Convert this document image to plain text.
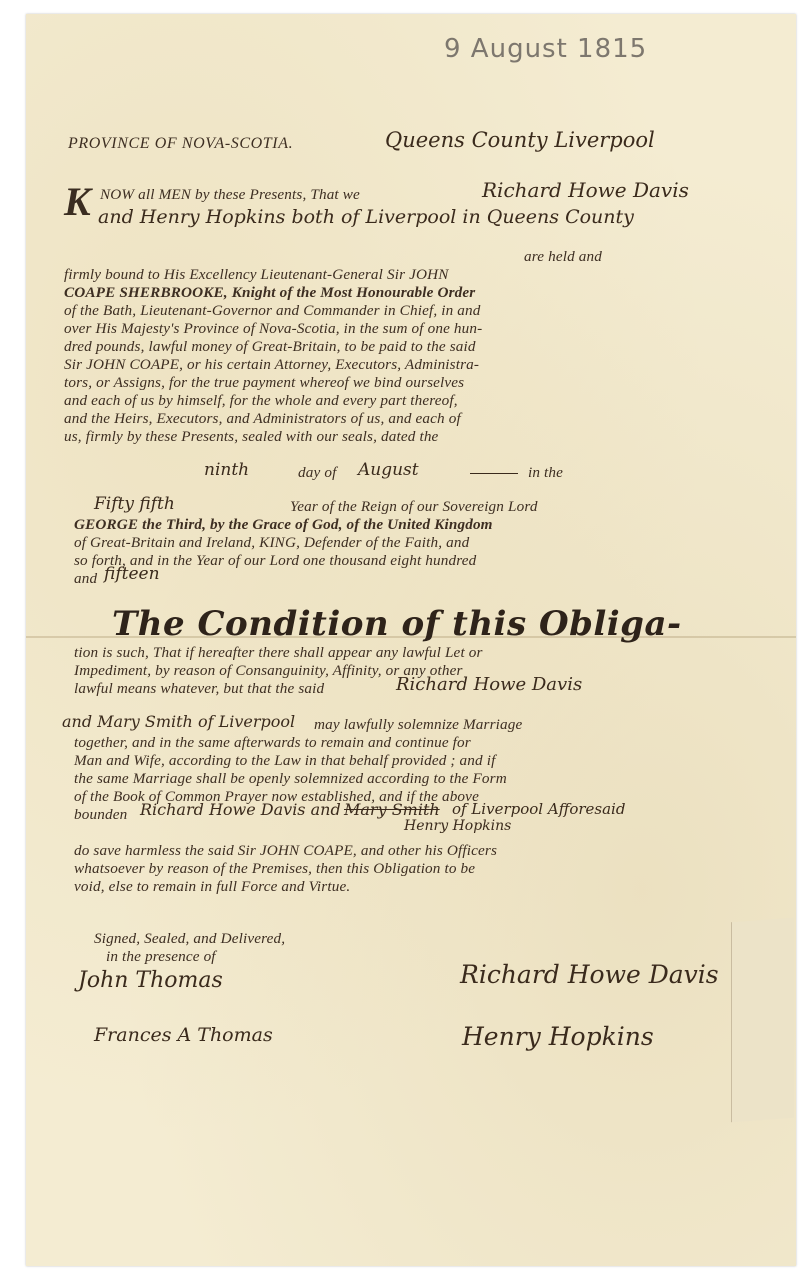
9 August 1815
PROVINCE OF NOVA-SCOTIA.	Queens County Liverpool
K NOW all MEN by these Presents, That we	Richard Howe Davis
and Henry Hopkins both of Liverpool in Queens County
are held and
firmly bound to His Excellency Lieutenant-General Sir JOHN
COAPE SHERBROOKE, Knight of the Most Honourable Order
of the Bath, Lieutenant-Governor and Commander in Chief, in and
over His Majesty's Province of Nova-Scotia, in the sum of one hun-
dred pounds, lawful money of Great-Britain, to be paid to the said
Sir JOHN COAPE, or his certain Attorney, Executors, Administra-
tors, or Assigns, for the true payment whereof we bind ourselves
and each of us by himself, for the whole and every part thereof,
and the Heirs, Executors, and Administrators of us, and each of
us, firmly by these Presents, sealed with our seals, dated the
ninth	day of August	in the
Fifty fifth	Year of the Reign of our Sovereign Lord
GEORGE the Third, by the Grace of God, of the United Kingdom
of Great-Britain and Ireland, KING, Defender of the Faith, and
so forth, and in the Year of our Lord one thousand eight hundred
and fifteen
The Condition of this Obliga-
tion is such, That if hereafter there shall appear any lawful Let or
Impediment, by reason of Consanguinity, Affinity, or any other
lawful means whatever, but that the said	Richard Howe Davis
and Mary Smith of Liverpool may lawfully solemnize Marriage
together, and in the same afterwards to remain and continue for
Man and Wife, according to the Law in that behalf provided ; and if
the same Marriage shall be openly solemnized according to the Form
of the Book of Common Prayer now established, and if the above
bounden Richard Howe Davis and Mary Smith of Liverpool Afforesaid
Henry Hopkins
do save harmless the said Sir JOHN COAPE, and other his Officers
whatsoever by reason of the Premises, then this Obligation to be
void, else to remain in full Force and Virtue.
Signed, Sealed, and Delivered,
in the presence of
John Thomas	Richard Howe Davis
Frances A Thomas	Henry Hopkins
